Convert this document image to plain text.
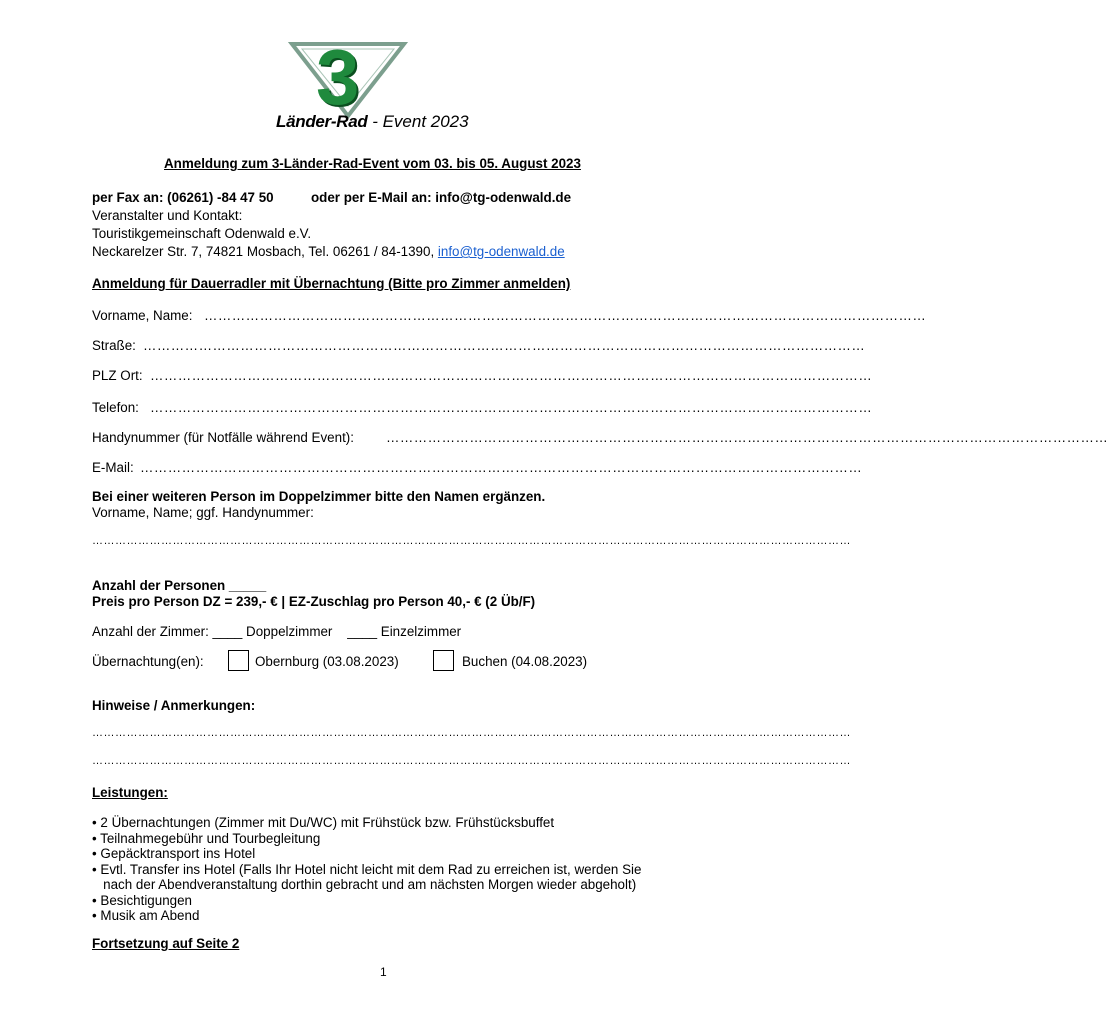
3
Länder-Rad - Event 2023
Anmeldung zum 3-Länder-Rad-Event vom 03. bis 05. August 2023
per Fax an: (06261) -84 47 50	oder per E-Mail an: info@tg-odenwald.de
Veranstalter und Kontakt:
Touristikgemeinschaft Odenwald e.V.
Neckarelzer Str. 7, 74821 Mosbach, Tel. 06261 / 84-1390, info@tg-odenwald.de
Anmeldung für Dauerradler mit Übernachtung (Bitte pro Zimmer anmelden)
Vorname, Name: …………………………………………………………………………………………………………………………………………
Straße: …………………………………………………………………………………………………………………………………………
PLZ Ort: …………………………………………………………………………………………………………………………………………
Telefon: …………………………………………………………………………………………………………………………………………
Handynummer (für Notfälle während Event): …………………………………………………………………………………………………………………………………………
E-Mail: …………………………………………………………………………………………………………………………………………
Bei einer weiteren Person im Doppelzimmer bitte den Namen ergänzen.
Vorname, Name; ggf. Handynummer:
………………………………………………………………………………………………………………………………………………………………………………
Anzahl der Personen _____
Preis pro Person DZ = 239,- € | EZ-Zuschlag pro Person 40,- € (2 Üb/F)
Anzahl der Zimmer: ____ Doppelzimmer    ____ Einzelzimmer
Übernachtung(en):	Obernburg (03.08.2023)	Buchen (04.08.2023)
Hinweise / Anmerkungen:
………………………………………………………………………………………………………………………………………………………………………………
………………………………………………………………………………………………………………………………………………………………………………
Leistungen:
• 2 Übernachtungen (Zimmer mit Du/WC) mit Frühstück bzw. Frühstücksbuffet
• Teilnahmegebühr und Tourbegleitung
• Gepäcktransport ins Hotel
• Evtl. Transfer ins Hotel (Falls Ihr Hotel nicht leicht mit dem Rad zu erreichen ist, werden Sie
nach der Abendveranstaltung dorthin gebracht und am nächsten Morgen wieder abgeholt)
• Besichtigungen
• Musik am Abend
Fortsetzung auf Seite 2
1
